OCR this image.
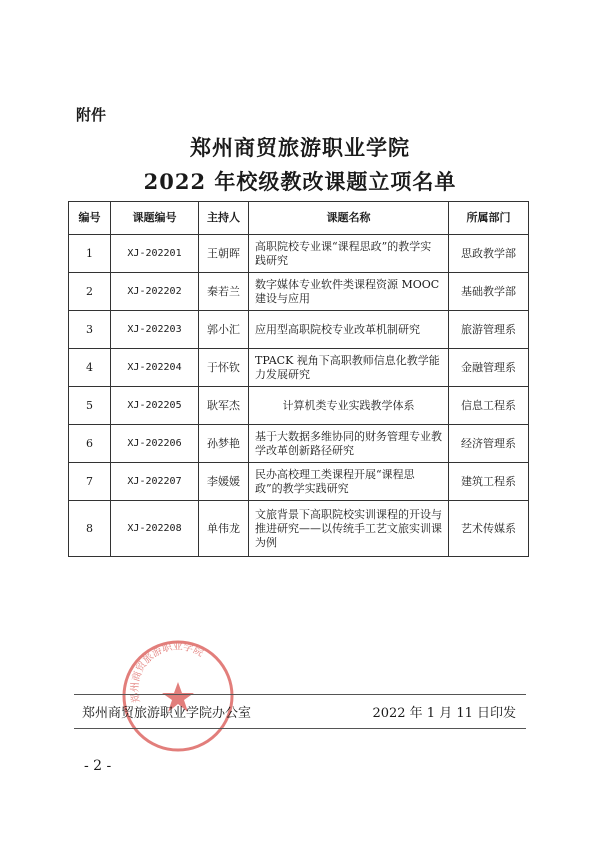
附件
郑州商贸旅游职业学院
2022 年校级教改课题立项名单
编号	课题编号	主持人	课题名称	所属部门
1	XJ-202201	王朝晖	高职院校专业课“课程思政”的教学实践研究	思政教学部
2	XJ-202202	秦若兰	数字媒体专业软件类课程资源 MOOC 建设与应用	基础教学部
3	XJ-202203	郭小汇	应用型高职院校专业改革机制研究	旅游管理系
4	XJ-202204	于怀钦	TPACK 视角下高职教师信息化教学能力发展研究	金融管理系
5	XJ-202205	耿军杰	计算机类专业实践教学体系	信息工程系
6	XJ-202206	孙梦艳	基于大数据多维协同的财务管理专业教学改革创新路径研究	经济管理系
7	XJ-202207	李媛媛	民办高校理工类课程开展“课程思政”的教学实践研究	建筑工程系
8	XJ-202208	单伟龙	文旅背景下高职院校实训课程的开设与推进研究——以传统手工艺文旅实训课为例	艺术传媒系
郑州商贸旅游职业学院
郑州商贸旅游职业学院办公室	2022 年 1 月 11 日印发
- 2 -
